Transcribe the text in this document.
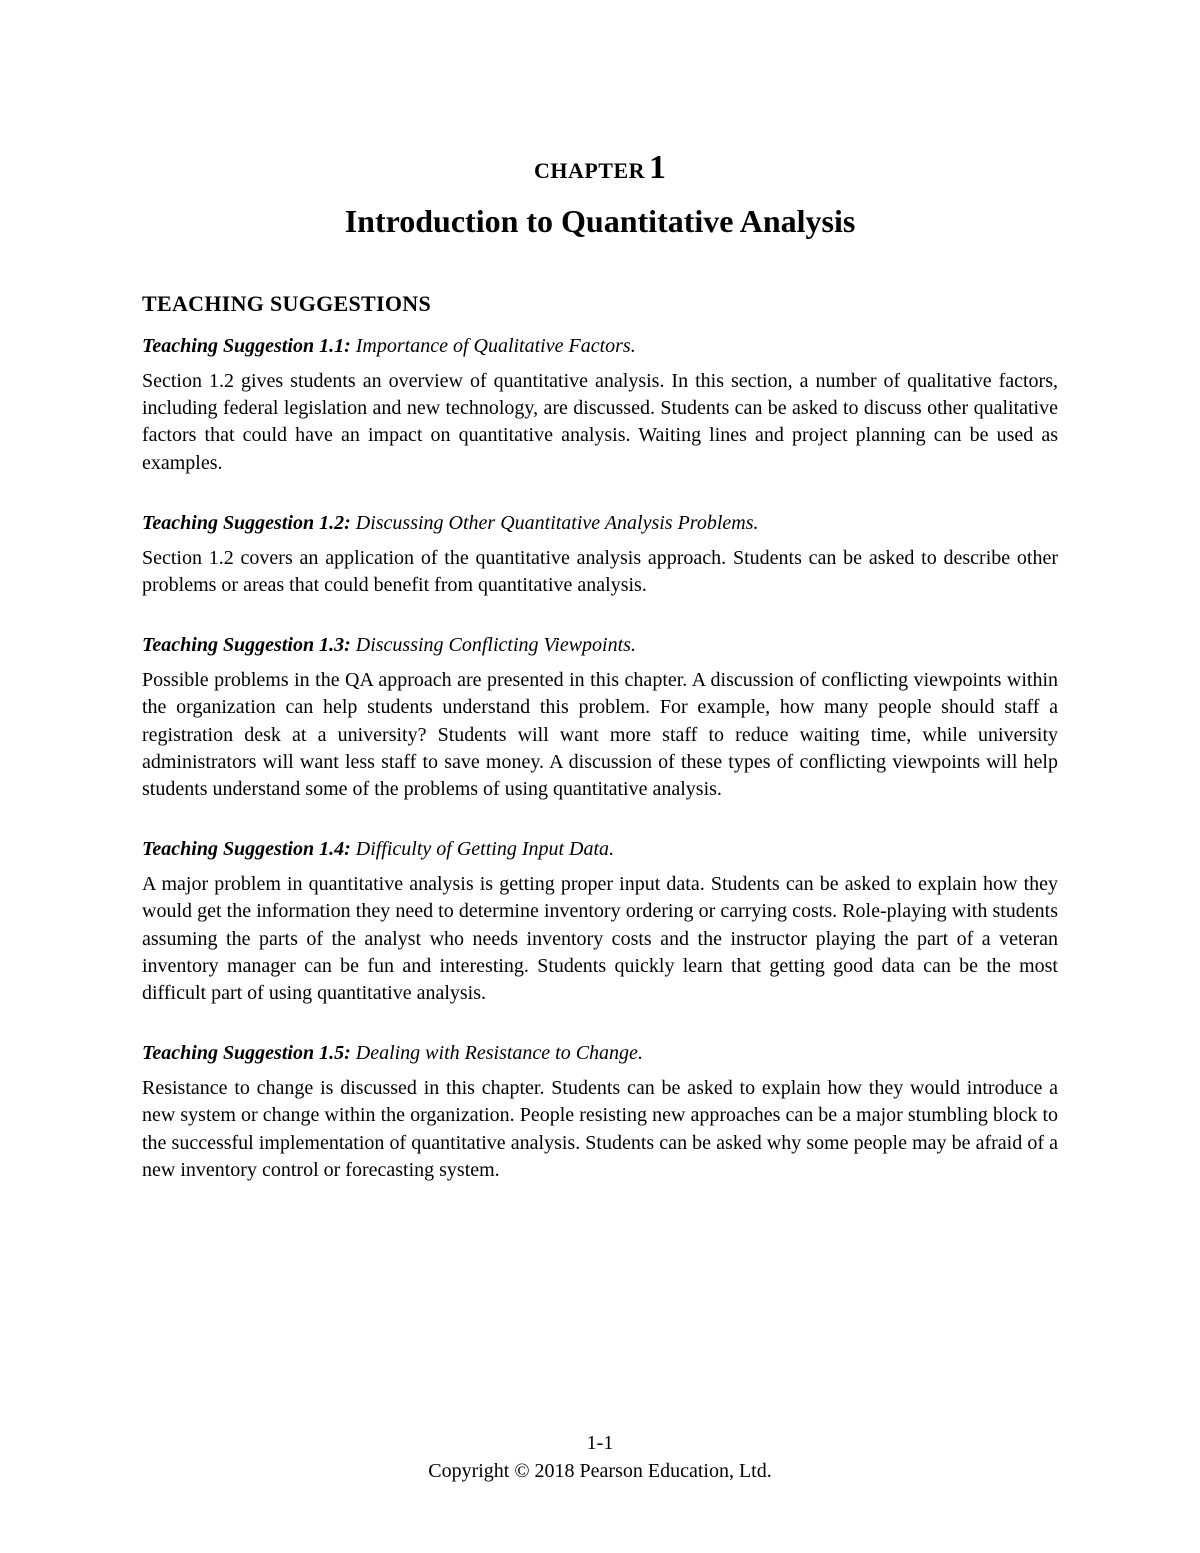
CHAPTER 1
Introduction to Quantitative Analysis
TEACHING SUGGESTIONS

Teaching Suggestion 1.1: Importance of Qualitative Factors.

Section 1.2 gives students an overview of quantitative analysis. In this section, a number of qualitative factors, including federal legislation and new technology, are discussed. Students can be asked to discuss other qualitative factors that could have an impact on quantitative analysis. Waiting lines and project planning can be used as examples.

Teaching Suggestion 1.2: Discussing Other Quantitative Analysis Problems.

Section 1.2 covers an application of the quantitative analysis approach. Students can be asked to describe other problems or areas that could benefit from quantitative analysis.

Teaching Suggestion 1.3: Discussing Conflicting Viewpoints.

Possible problems in the QA approach are presented in this chapter. A discussion of conflicting viewpoints within the organization can help students understand this problem. For example, how many people should staff a registration desk at a university? Students will want more staff to reduce waiting time, while university administrators will want less staff to save money. A discussion of these types of conflicting viewpoints will help students understand some of the problems of using quantitative analysis.

Teaching Suggestion 1.4: Difficulty of Getting Input Data.

A major problem in quantitative analysis is getting proper input data. Students can be asked to explain how they would get the information they need to determine inventory ordering or carrying costs. Role-playing with students assuming the parts of the analyst who needs inventory costs and the instructor playing the part of a veteran inventory manager can be fun and interesting. Students quickly learn that getting good data can be the most difficult part of using quantitative analysis.

Teaching Suggestion 1.5: Dealing with Resistance to Change.

Resistance to change is discussed in this chapter. Students can be asked to explain how they would introduce a new system or change within the organization. People resisting new approaches can be a major stumbling block to the successful implementation of quantitative analysis. Students can be asked why some people may be afraid of a new inventory control or forecasting system.

1-1
Copyright © 2018 Pearson Education, Ltd.
